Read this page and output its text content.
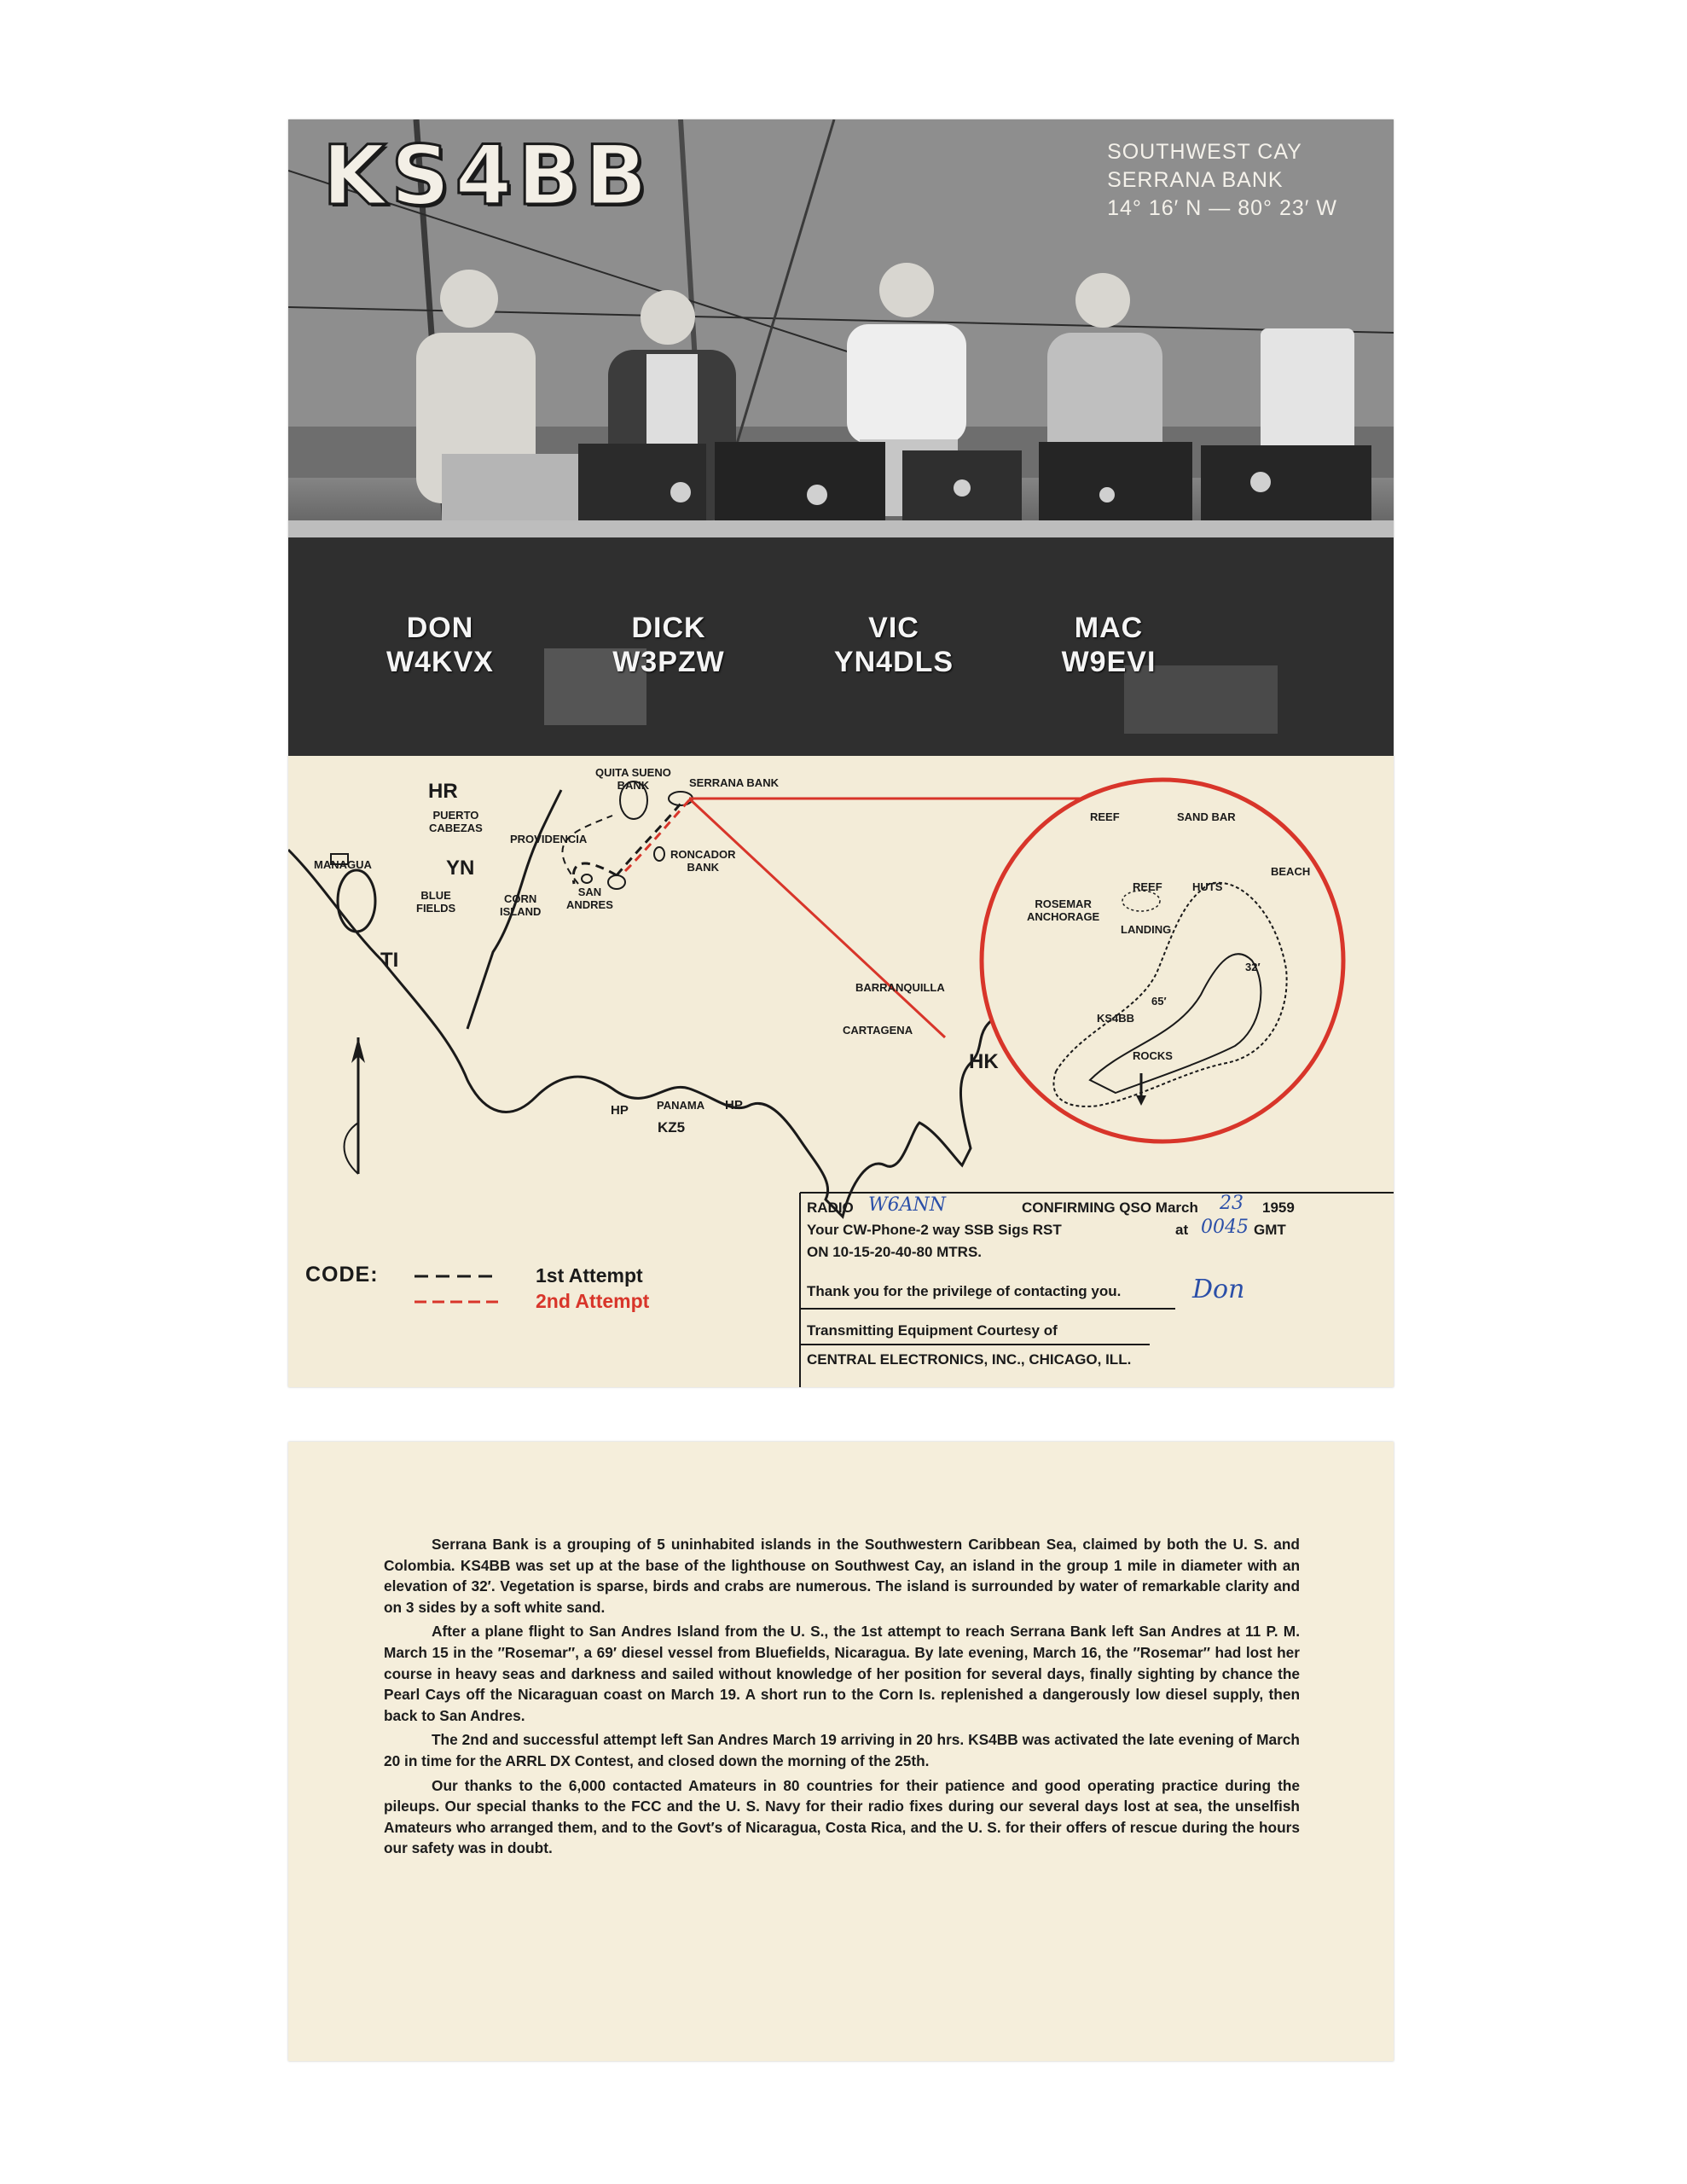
KS4BB	SOUTHWEST CAY
SERRANA BANK
14° 16′ N — 80° 23′ W
DON
W4KVX
DICK
W3PZW
VIC
YN4DLS
MAC
W9EVI
HR
PUERTO
CABEZAS
QUITA SUENO
BANK	SERRANA BANK
PROVIDENCIA
MANAGUA	YN
RONCADOR
BANK
BLUE
FIELDS
CORN
ISLAND
SAN
ANDRES
TI
BARRANQUILLA
CARTAGENA
HK
HP	PANAMA HP
KZ5
REEF	SAND BAR
BEACH
REEF	HUTS
ROSEMAR
ANCHORAGE
LANDING
32′
65′
KS4BB
ROCKS
CODE:	1st Attempt
2nd Attempt
RADIO W6ANN	CONFIRMING QSO March 23 1959
Your CW-Phone-2 way SSB Sigs RST	at 0045 GMT
ON 10-15-20-40-80 MTRS.
Thank you for the privilege of contacting you.	Don
Transmitting Equipment Courtesy of
CENTRAL ELECTRONICS, INC., CHICAGO, ILL.

Serrana Bank is a grouping of 5 uninhabited islands in the Southwestern Caribbean Sea, claimed by both the U. S. and Colombia. KS4BB was set up at the base of the lighthouse on Southwest Cay, an island in the group 1 mile in diameter with an elevation of 32′. Vegetation is sparse, birds and crabs are numerous. The island is surrounded by water of remarkable clarity and on 3 sides by a soft white sand.

After a plane flight to San Andres Island from the U. S., the 1st attempt to reach Serrana Bank left San Andres at 11 P. M. March 15 in the ″Rosemar″, a 69′ diesel vessel from Bluefields, Nicaragua. By late evening, March 16, the ″Rosemar″ had lost her course in heavy seas and darkness and sailed without knowledge of her position for several days, finally sighting by chance the Pearl Cays off the Nicaraguan coast on March 19. A short run to the Corn Is. replenished a dangerously low diesel supply, then back to San Andres.

The 2nd and successful attempt left San Andres March 19 arriving in 20 hrs. KS4BB was activated the late evening of March 20 in time for the ARRL DX Contest, and closed down the morning of the 25th.

Our thanks to the 6,000 contacted Amateurs in 80 countries for their patience and good operating practice during the pileups. Our special thanks to the FCC and the U. S. Navy for their radio fixes during our several days lost at sea, the unselfish Amateurs who arranged them, and to the Govt′s of Nicaragua, Costa Rica, and the U. S. for their offers of rescue during the hours our safety was in doubt.
